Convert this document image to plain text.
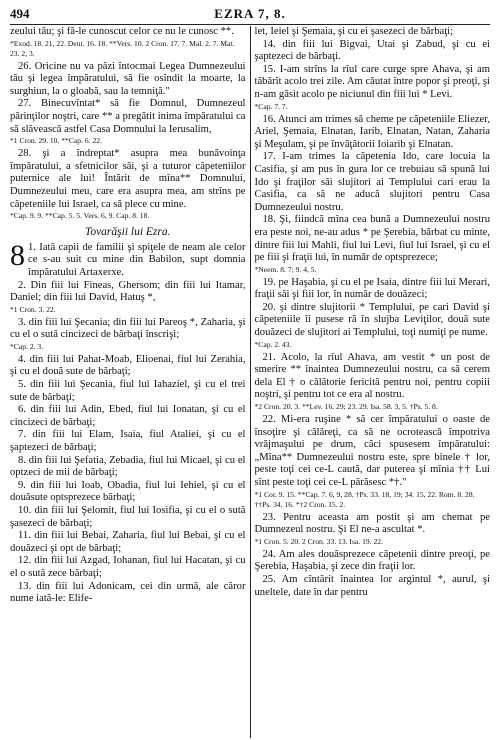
494	EZRA 7, 8.

zeului tău; şi fă-le cunoscut celor ce nu le cunosc **.

*Exod. 18. 21, 22. Deut. 16. 18. **Vers. 10. 2 Cron. 17. 7. Mal. 2. 7. Mat. 23. 2, 3.

26. Oricine nu va păzi întocmai Legea Dumnezeului tău şi legea împăratului, să fie osîndit la moarte, la surghiun, la o gloabă, sau la temniţă."

27. Binecuvîntat* să fie Domnul, Dumnezeul părinţilor noştri, care ** a pregătit inima împăratului ca să slăvească astfel Casa Domnului la Ierusalim,

*1 Cron. 29. 10. **Cap. 6. 22.

28. şi a îndreptat* asupra mea bunăvoinţa împăratului, a sfetnicilor săi, şi a tuturor căpeteniilor puternice ale lui! Întărit de mîna** Domnului, Dumnezeului meu, care era asupra mea, am strîns pe căpeteniile lui Israel, ca să plece cu mine.

*Cap. 9. 9. **Cap. 5. 5. Vers. 6, 9. Cap. 8. 18.

Tovarăşii lui Ezra.

8 1. Iată capii de familii şi spiţele de neam ale celor ce s-au suit cu mine din Babilon, supt domnia împăratului Artaxerxe.

2. Din fiii lui Fineas, Ghersom; din fiii lui Itamar, Daniel; din fiii lui David, Hatuş *,

*1 Cron. 3. 22.

3. din fiii lui Şecania; din fiii lui Pareoş *, Zaharia, şi cu el o sută cincizeci de bărbaţi înscrişi;

*Cap. 2. 3.

4. din fiii lui Pahat-Moab, Elioenai, fiul lui Zerahia, şi cu el două sute de bărbaţi;

5. din fiii lui Şecania, fiul lui Iahaziel, şi cu el trei sute de bărbaţi;

6. din fiii lui Adin, Ebed, fiul lui Ionatan, şi cu el cincizeci de bărbaţi;

7. din fiii lui Elam, Isaia, fiul Ataliei, şi cu el şaptezeci de bărbaţi;

8. din fiii lui Şefatia, Zebadia, fiul lui Micael, şi cu el optzeci de mii de bărbaţi;

9. din fiii lui Ioab, Obadia, fiul lui Iehiel, şi cu el douăsute optsprezece bărbaţi;

10. din fiii lui Şelomit, fiul lui Iosifia, şi cu el o sută şasezeci de bărbaţi;

11. din fiii lui Bebai, Zaharia, fiul lui Bebai, şi cu el douăzeci şi opt de bărbaţi;

12. din fiii lui Azgad, Iohanan, fiul lui Hacatan, şi cu el o sută zece bărbaţi;

13. din fiii lui Adonicam, cei din urmă, ale căror nume iată-le: Elife-

let, Ieiel şi Şemaia, şi cu ei şasezeci de bărbaţi;

14. din fiii lui Bigvai, Utai şi Zabud, şi cu ei şaptezeci de bărbaţi.

15. I-am strîns la rîul care curge spre Ahava, şi am tăbărît acolo trei zile. Am căutat între popor şi preoţi, şi n-am găsit acolo pe niciunul din fiii lui * Levi.

*Cap. 7. 7.

16. Atunci am trimes să cheme pe căpeteniile Eliezer, Ariel, Şemaia, Elnatan, Iarib, Elnatan, Natan, Zaharia şi Meşulam, şi pe învăţătorii Ioiarib şi Elnatan.

17. I-am trimes la căpetenia Ido, care locuia la Casifia, şi am pus în gura lor ce trebuiau să spună lui Ido şi fraţilor săi slujitori ai Templului cari erau la Casifia, ca să ne aducă slujitori pentru Casa Dumnezeului nostru.

18. Şi, fiindcă mîna cea bună a Dumnezeului nostru era peste noi, ne-au adus * pe Şerebia, bărbat cu minte, dintre fiii lui Mahli, fiul lui Levi, fiul lui Israel, şi cu el pe fiii şi fraţii lui, în număr de optsprezece;

*Neem. 8. 7; 9. 4, 5.

19. pe Haşabia, şi cu el pe Isaia, dintre fiii lui Merari, fraţii săi şi fiii lor, în număr de douăzeci;

20. şi dintre slujitorii * Templului, pe cari David şi căpeteniile îi pusese ră în slujba Leviţilor, două sute douăzeci de slujitori ai Templului, toţi numiţi pe nume.

*Cap. 2. 43.

21. Acolo, la rîul Ahava, am vestit * un post de smerire ** înaintea Dumnezeului nostru, ca să cerem dela El † o călătorie fericită pentru noi, pentru copiii noştri, şi pentru tot ce era al nostru.

*2 Cron. 20. 3. **Lev. 16. 29; 23. 29. Isa. 58. 3, 5. †Ps. 5. 8.

22. Mi-era ruşine * să cer împăratului o oaste de însoţire şi călăreţi, ca să ne ocrotească împotriva vrăjmaşului pe drum, căci spusesem împăratului: „Mîna** Dumnezeului nostru este, spre binele † lor, peste toţi cei ce-L caută, dar puterea şi mînia †† Lui sînt peste toţi cei ce-L părăsesc *†."

*1 Cor. 9. 15. **Cap. 7. 6, 9, 28. †Ps. 33. 18, 19; 34. 15, 22. Rom. 8. 28. ††Ps. 34. 16. *†2 Cron. 15. 2.

23. Pentru aceasta am postit şi am chemat pe Dumnezeul nostru. Şi El ne-a ascultat *.

*1 Cron. 5. 20. 2 Cron. 33. 13. Isa. 19. 22.

24. Am ales douăsprezece căpetenii dintre preoţi, pe Şerebia, Haşabia, şi zece din fraţii lor.

25. Am cîntărit înaintea lor argintul *, aurul, şi uneltele, date în dar pentru
